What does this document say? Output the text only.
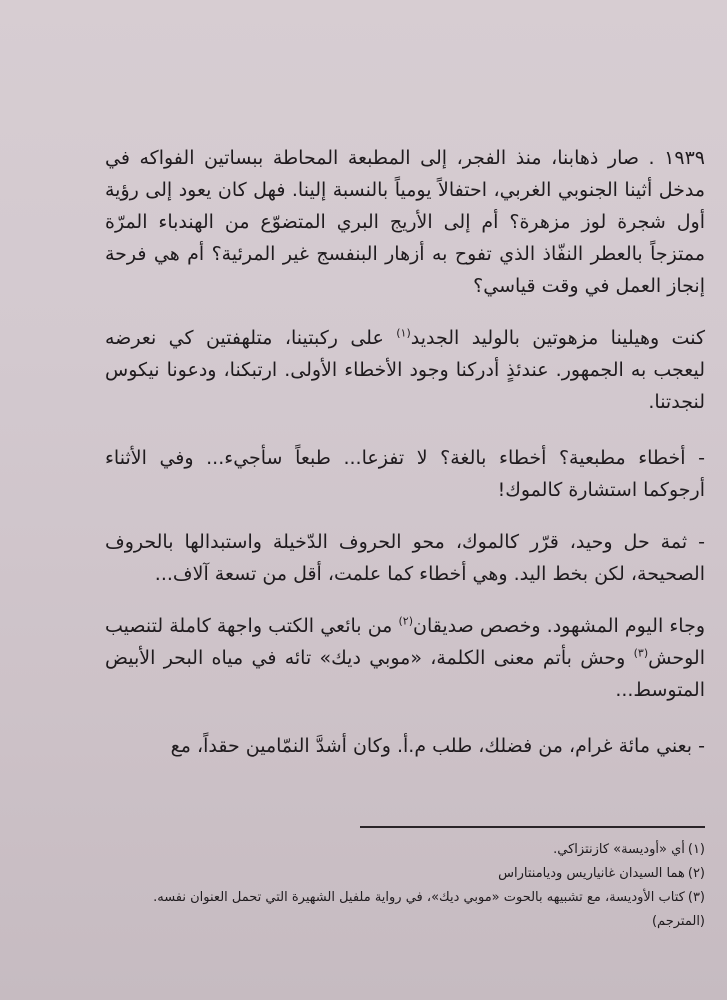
١٩٣٩ . صار ذهابنا، منذ الفجر، إلى المطبعة المحاطة ببساتين الفواكه في مدخل أثينا الجنوبي الغربي، احتفالاً يومياً بالنسبة إلينا. فهل كان يعود إلى رؤية أول شجرة لوز مزهرة؟ أم إلى الأريج البري المتضوّع من الهندباء المرّة ممتزجاً بالعطر النفّاذ الذي تفوح به أزهار البنفسج غير المرئية؟ أم هي فرحة إنجاز العمل في وقت قياسي؟

كنت وهيلينا مزهوتين بالوليد الجديد$^{(١)}$ على ركبتينا، متلهفتين كي نعرضه ليعجب به الجمهور. عندئذٍ أدركنا وجود الأخطاء الأولى. ارتبكنا، ودعونا نيكوس لنجدتنا.

- أخطاء مطبعية؟ أخطاء بالغة؟ لا تفزعا... طبعاً سأجيء... وفي الأثناء أرجوكما استشارة كالموك!

- ثمة حل وحيد، قرّر كالموك، محو الحروف الدّخيلة واستبدالها بالحروف الصحيحة، لكن بخط اليد. وهي أخطاء كما علمت، أقل من تسعة آلاف...

وجاء اليوم المشهود. وخصص صديقان$^{(٢)}$ من بائعي الكتب واجهة كاملة لتنصيب الوحش$^{(٣)}$ وحش بأتم معنى الكلمة، «موبي ديك» تائه في مياه البحر الأبيض المتوسط...

- بعني مائة غرام، من فضلك، طلب م.أ. وكان أشدَّ النمّامين حقداً، مع

(١)أي «أوديسة» كازنتزاكي.

(٢)هما السيدان غانياريس وديامنتاراس

(٣)كتاب الأوديسة، مع تشبيهه بالحوت «موبي ديك»، في رواية ملفيل الشهيرة التي تحمل العنوان نفسه.

(المترجم)
